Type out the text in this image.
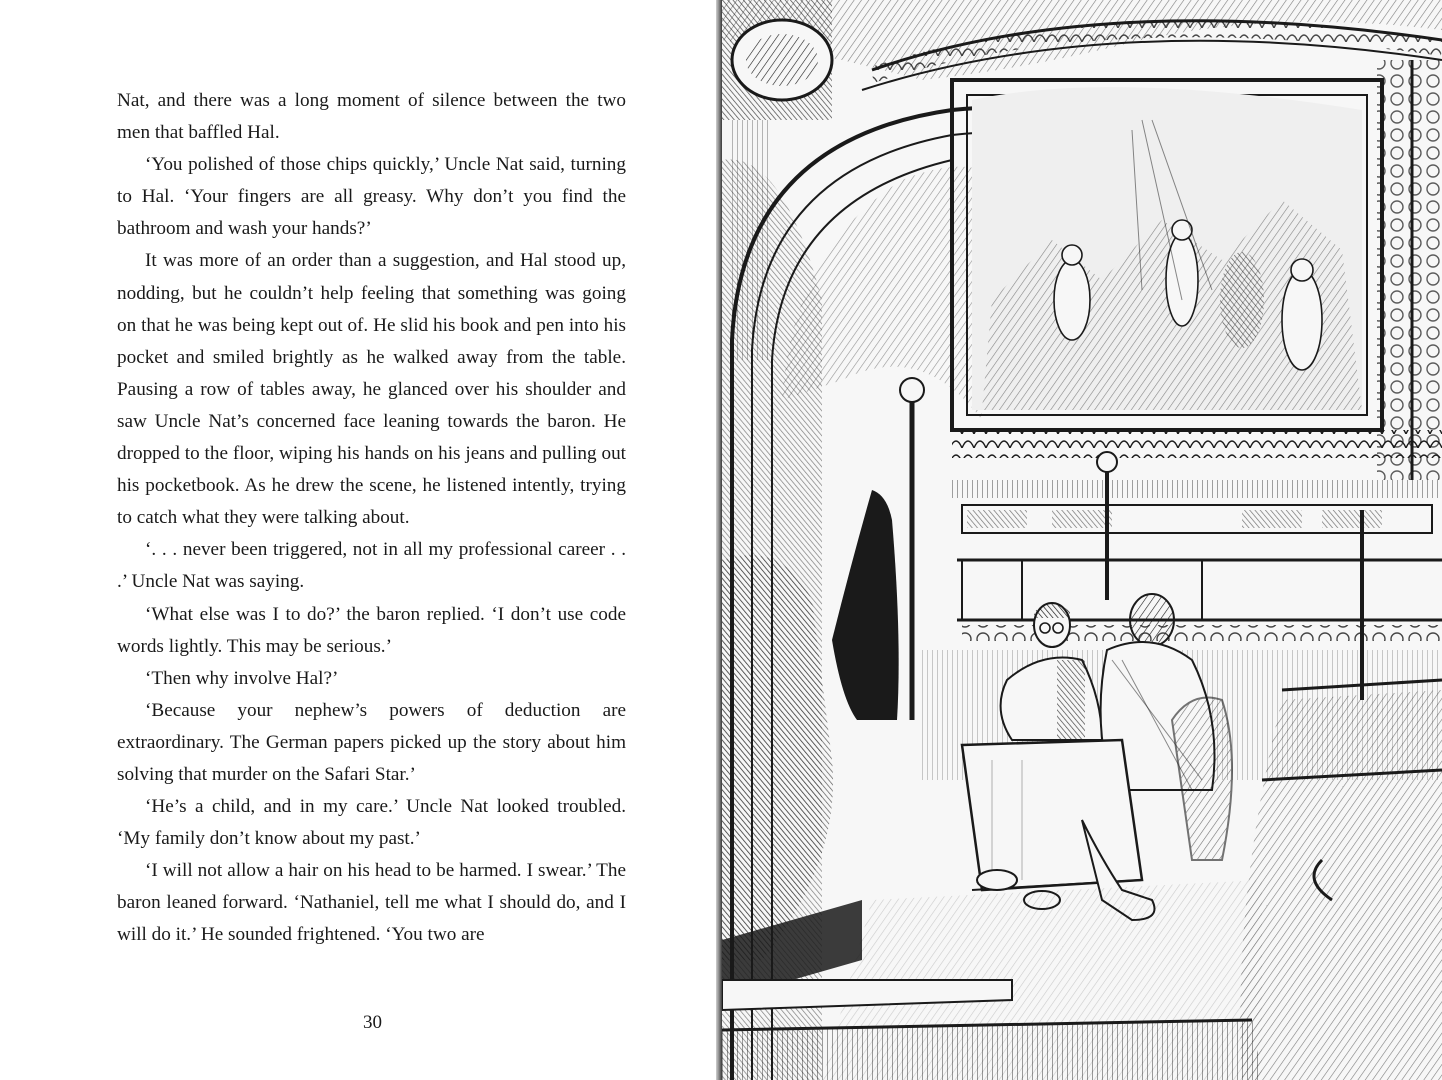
Nat, and there was a long moment of silence between the two men that baffled Hal.

‘You polished of those chips quickly,’ Uncle Nat said, turning to Hal. ‘Your fingers are all greasy. Why don’t you find the bathroom and wash your hands?’

It was more of an order than a suggestion, and Hal stood up, nodding, but he couldn’t help feeling that something was going on that he was being kept out of. He slid his book and pen into his pocket and smiled brightly as he walked away from the table. Pausing a row of tables away, he glanced over his shoulder and saw Uncle Nat’s concerned face leaning towards the baron. He dropped to the floor, wiping his hands on his jeans and pulling out his pocketbook. As he drew the scene, he listened intently, trying to catch what they were talking about.

‘. . . never been triggered, not in all my professional career . . .’ Uncle Nat was saying.

‘What else was I to do?’ the baron replied. ‘I don’t use code words lightly. This may be serious.’

‘Then why involve Hal?’

‘Because your nephew’s powers of deduction are extraordinary. The German papers picked up the story about him solving that murder on the Safari Star.’

‘He’s a child, and in my care.’ Uncle Nat looked troubled. ‘My family don’t know about my past.’

‘I will not allow a hair on his head to be harmed. I swear.’ The baron leaned forward. ‘Nathaniel, tell me what I should do, and I will do it.’ He sounded frightened. ‘You two are

30
